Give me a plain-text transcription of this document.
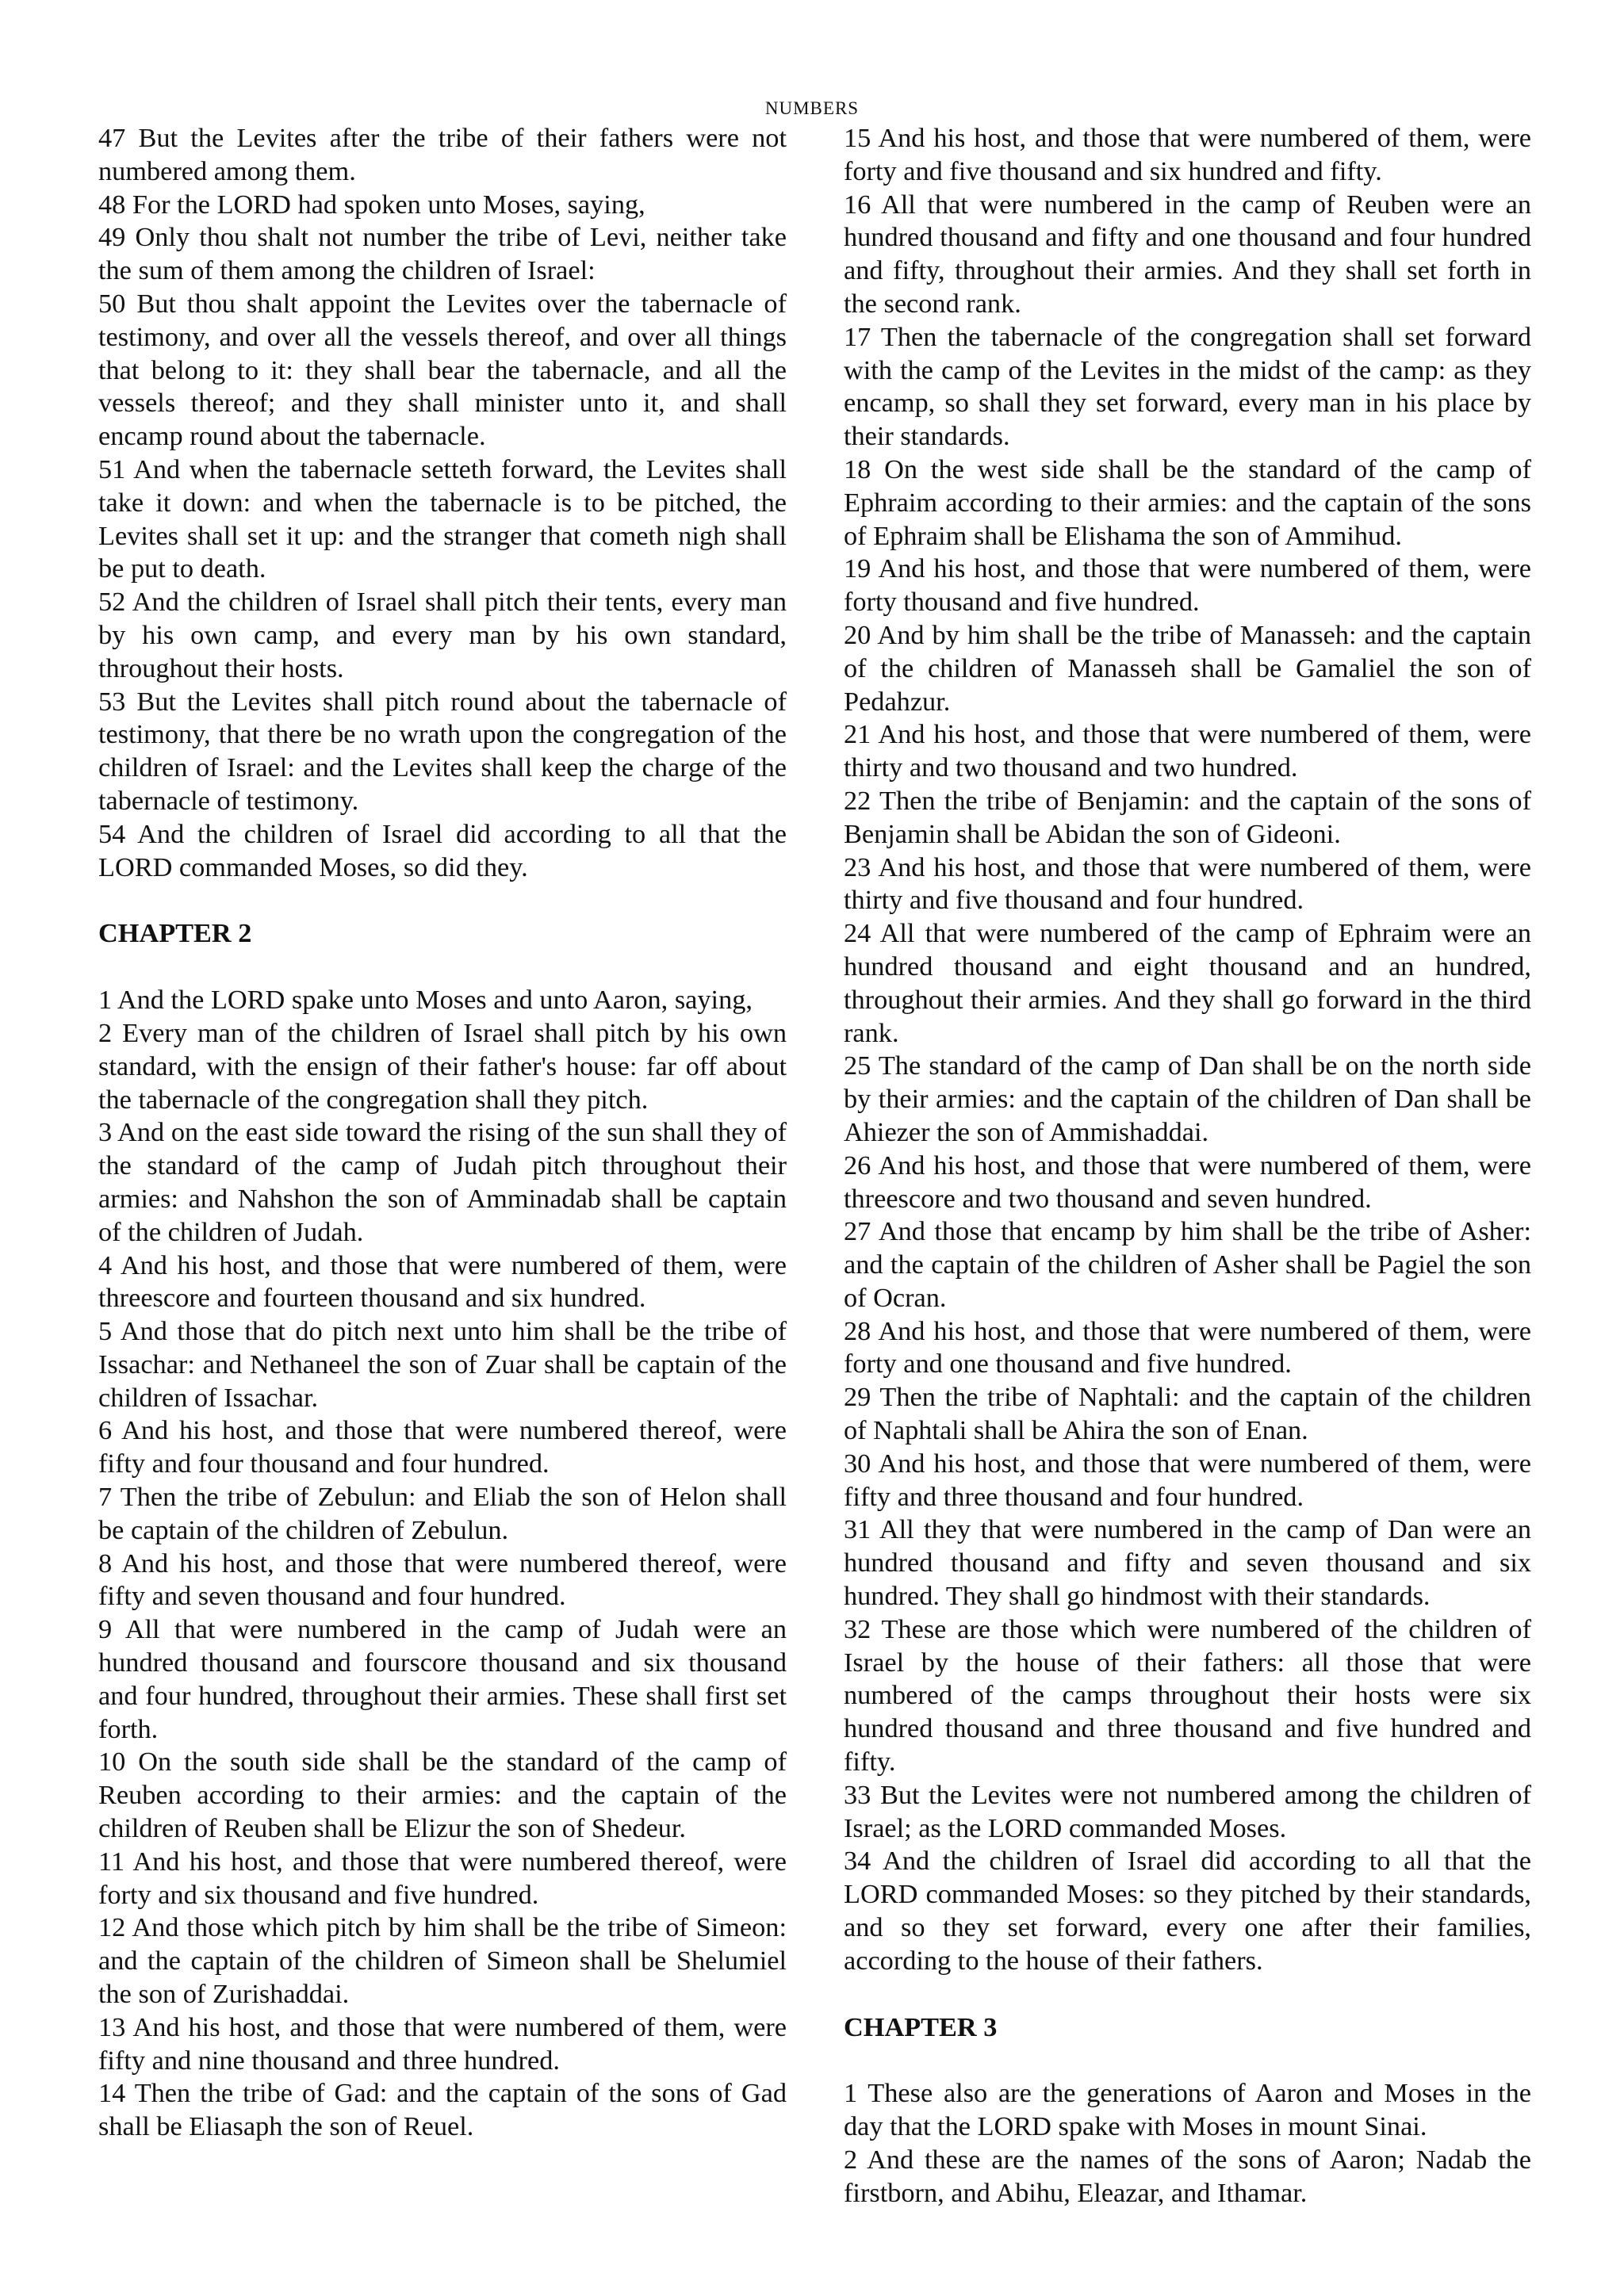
NUMBERS
47 But the Levites after the tribe of their fathers were not numbered among them.
48 For the LORD had spoken unto Moses, saying,
49 Only thou shalt not number the tribe of Levi, neither take the sum of them among the children of Israel:
50 But thou shalt appoint the Levites over the tabernacle of testimony, and over all the vessels thereof, and over all things that belong to it: they shall bear the tabernacle, and all the vessels thereof; and they shall minister unto it, and shall encamp round about the tabernacle.
51 And when the tabernacle setteth forward, the Levites shall take it down: and when the tabernacle is to be pitched, the Levites shall set it up: and the stranger that cometh nigh shall be put to death.
52 And the children of Israel shall pitch their tents, every man by his own camp, and every man by his own standard, throughout their hosts.
53 But the Levites shall pitch round about the tabernacle of testimony, that there be no wrath upon the congregation of the children of Israel: and the Levites shall keep the charge of the tabernacle of testimony.
54 And the children of Israel did according to all that the LORD commanded Moses, so did they.
CHAPTER 2
1 And the LORD spake unto Moses and unto Aaron, saying,
2 Every man of the children of Israel shall pitch by his own standard, with the ensign of their father's house: far off about the tabernacle of the congregation shall they pitch.
3 And on the east side toward the rising of the sun shall they of the standard of the camp of Judah pitch throughout their armies: and Nahshon the son of Amminadab shall be captain of the children of Judah.
4 And his host, and those that were numbered of them, were threescore and fourteen thousand and six hundred.
5 And those that do pitch next unto him shall be the tribe of Issachar: and Nethaneel the son of Zuar shall be captain of the children of Issachar.
6 And his host, and those that were numbered thereof, were fifty and four thousand and four hundred.
7 Then the tribe of Zebulun: and Eliab the son of Helon shall be captain of the children of Zebulun.
8 And his host, and those that were numbered thereof, were fifty and seven thousand and four hundred.
9 All that were numbered in the camp of Judah were an hundred thousand and fourscore thousand and six thousand and four hundred, throughout their armies. These shall first set forth.
10 On the south side shall be the standard of the camp of Reuben according to their armies: and the captain of the children of Reuben shall be Elizur the son of Shedeur.
11 And his host, and those that were numbered thereof, were forty and six thousand and five hundred.
12 And those which pitch by him shall be the tribe of Simeon: and the captain of the children of Simeon shall be Shelumiel the son of Zurishaddai.
13 And his host, and those that were numbered of them, were fifty and nine thousand and three hundred.
14 Then the tribe of Gad: and the captain of the sons of Gad shall be Eliasaph the son of Reuel.
15 And his host, and those that were numbered of them, were forty and five thousand and six hundred and fifty.
16 All that were numbered in the camp of Reuben were an hundred thousand and fifty and one thousand and four hundred and fifty, throughout their armies. And they shall set forth in the second rank.
17 Then the tabernacle of the congregation shall set forward with the camp of the Levites in the midst of the camp: as they encamp, so shall they set forward, every man in his place by their standards.
18 On the west side shall be the standard of the camp of Ephraim according to their armies: and the captain of the sons of Ephraim shall be Elishama the son of Ammihud.
19 And his host, and those that were numbered of them, were forty thousand and five hundred.
20 And by him shall be the tribe of Manasseh: and the captain of the children of Manasseh shall be Gamaliel the son of Pedahzur.
21 And his host, and those that were numbered of them, were thirty and two thousand and two hundred.
22 Then the tribe of Benjamin: and the captain of the sons of Benjamin shall be Abidan the son of Gideoni.
23 And his host, and those that were numbered of them, were thirty and five thousand and four hundred.
24 All that were numbered of the camp of Ephraim were an hundred thousand and eight thousand and an hundred, throughout their armies. And they shall go forward in the third rank.
25 The standard of the camp of Dan shall be on the north side by their armies: and the captain of the children of Dan shall be Ahiezer the son of Ammishaddai.
26 And his host, and those that were numbered of them, were threescore and two thousand and seven hundred.
27 And those that encamp by him shall be the tribe of Asher: and the captain of the children of Asher shall be Pagiel the son of Ocran.
28 And his host, and those that were numbered of them, were forty and one thousand and five hundred.
29 Then the tribe of Naphtali: and the captain of the children of Naphtali shall be Ahira the son of Enan.
30 And his host, and those that were numbered of them, were fifty and three thousand and four hundred.
31 All they that were numbered in the camp of Dan were an hundred thousand and fifty and seven thousand and six hundred. They shall go hindmost with their standards.
32 These are those which were numbered of the children of Israel by the house of their fathers: all those that were numbered of the camps throughout their hosts were six hundred thousand and three thousand and five hundred and fifty.
33 But the Levites were not numbered among the children of Israel; as the LORD commanded Moses.
34 And the children of Israel did according to all that the LORD commanded Moses: so they pitched by their standards, and so they set forward, every one after their families, according to the house of their fathers.
CHAPTER 3
1 These also are the generations of Aaron and Moses in the day that the LORD spake with Moses in mount Sinai.
2 And these are the names of the sons of Aaron; Nadab the firstborn, and Abihu, Eleazar, and Ithamar.
